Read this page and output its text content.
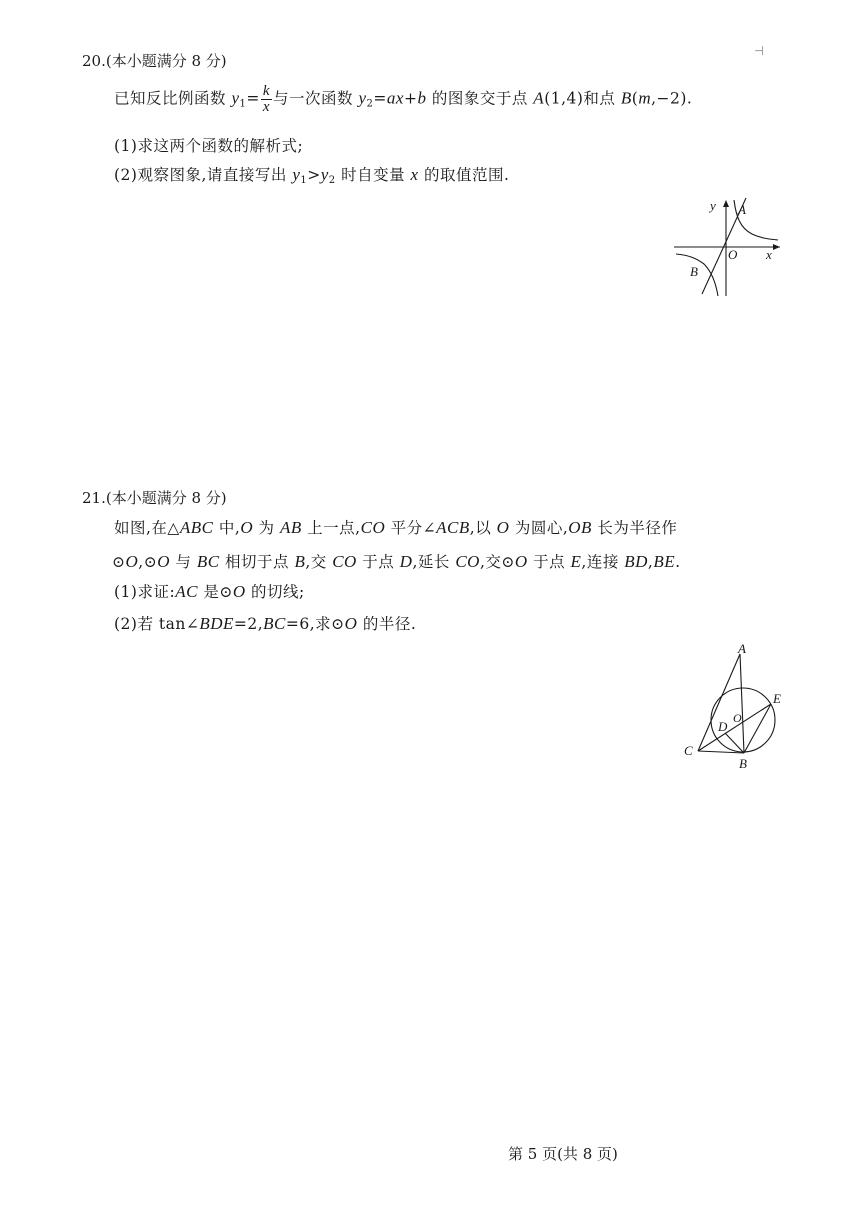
⊣
20.(本小题满分 8 分)
已知反比例函数 $y_1= \frac{k}{x}$ 与一次函数 $y_2=ax+b$ 的图象交于点 A(1,4)和点 B(m,−2).
(1)求这两个函数的解析式;
(2)观察图象,请直接写出 $y_1>y_2$ 时自变量 x 的取值范围.
y A
O x
B
21.(本小题满分 8 分)
如图,在△ABC 中,O 为 AB 上一点,CO 平分∠ACB,以 O 为圆心,OB 长为半径作
⊙O,⊙O 与 BC 相切于点 B,交 CO 于点 D,延长 CO,交⊙O 于点 E,连接 BD,BE.
(1)求证:AC 是⊙O 的切线;
(2)若 tan∠BDE=2,BC=6,求⊙O 的半径.
A
E
O
D
C
B
第 5 页(共 8 页)
